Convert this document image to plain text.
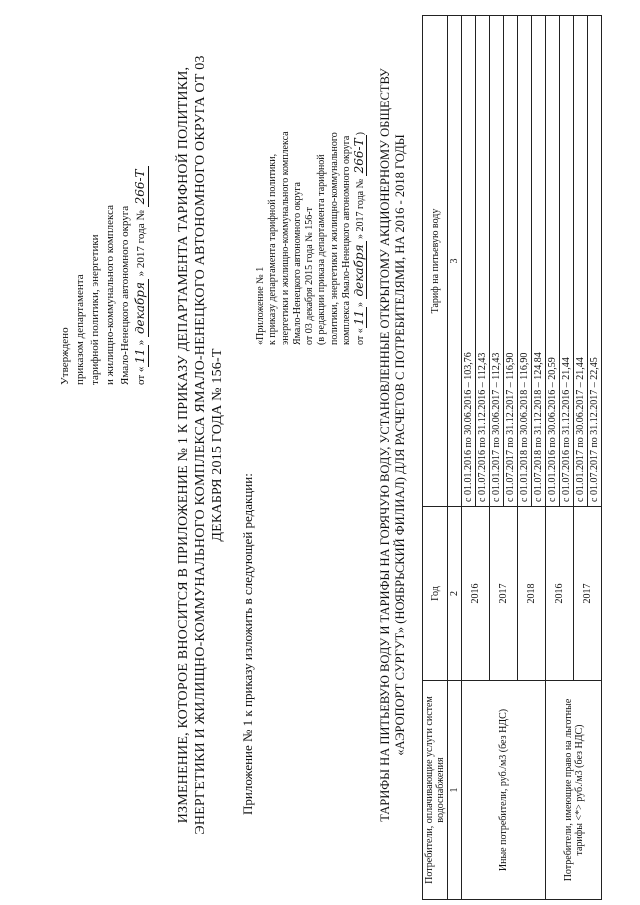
Утверждено приказом департамента тарифной политики, энергетики и жилищно-коммунального комплекса Ямало-Ненецкого автономного округа от «11» декабря » 2017 года № 266-Т ИЗМЕНЕНИЕ, КОТОРОЕ ВНОСИТСЯ В ПРИЛОЖЕНИЕ № 1 К ПРИКАЗУ ДЕПАРТАМЕНТА ТАРИФНОЙ ПОЛИТИКИ, ЭНЕРГЕТИКИ И ЖИЛИЩНО-КОММУНАЛЬНОГО КОМПЛЕКСА ЯМАЛО-НЕНЕЦКОГО АВТОНОМНОГО ОКРУГА ОТ 03 ДЕКАБРЯ 2015 ГОДА № 156-Т
Приложение № 1 к приказу изложить в следующей редакции:
«Приложение № 1 к приказу департамента тарифной политики, энергетики и жилищно-коммунального комплекса Ямало-Ненецкого автономного округа от 03 декабря 2015 года № 156-т (в редакции приказа департамента тарифной политики, энергетики и жилищно-коммунального комплекса Ямало-Ненецкого автономного округа от «11» декабря » 2017 года № 266-Т) ТАРИФЫ НА ПИТЬЕВУЮ ВОДУ И ТАРИФЫ НА ГОРЯЧУЮ ВОДУ, УСТАНОВЛЕННЫЕ ОТКРЫТОМУ АКЦИОНЕРНОМУ ОБЩЕСТВУ «АЭРОПОРТ СУРГУТ» (НОЯБРЬСКИЙ ФИЛИАЛ) ДЛЯ РАСЧЕТОВ С ПОТРЕБИТЕЛЯМИ, НА 2016 - 2018 ГОДЫ
Потребители, оплачивающие услуги систем водоснабжения	Год	Тариф на питьевую воду
1	2	3
Иные потребители, руб./м3 (без НДС)	2016	с 01.01.2016 по 30.06.2016 – 103,76
		с 01.07.2016 по 31.12.2016 – 112,43
	2017	с 01.01.2017 по 30.06.2017 – 112,43
		с 01.07.2017 по 31.12.2017 – 116,90
	2018	с 01.01.2018 по 30.06.2018 – 116,90
		с 01.07.2018 по 31.12.2018 – 124,84
Потребители, имеющие право на льготные тарифы <*> руб./м3 (без НДС)	2016	с 01.01.2016 по 30.06.2016 – 20,59
		с 01.07.2016 по 31.12.2016 – 21,44
	2017	с 01.01.2017 по 30.06.2017 – 21,44
		с 01.07.2017 по 31.12.2017 – 22,45
